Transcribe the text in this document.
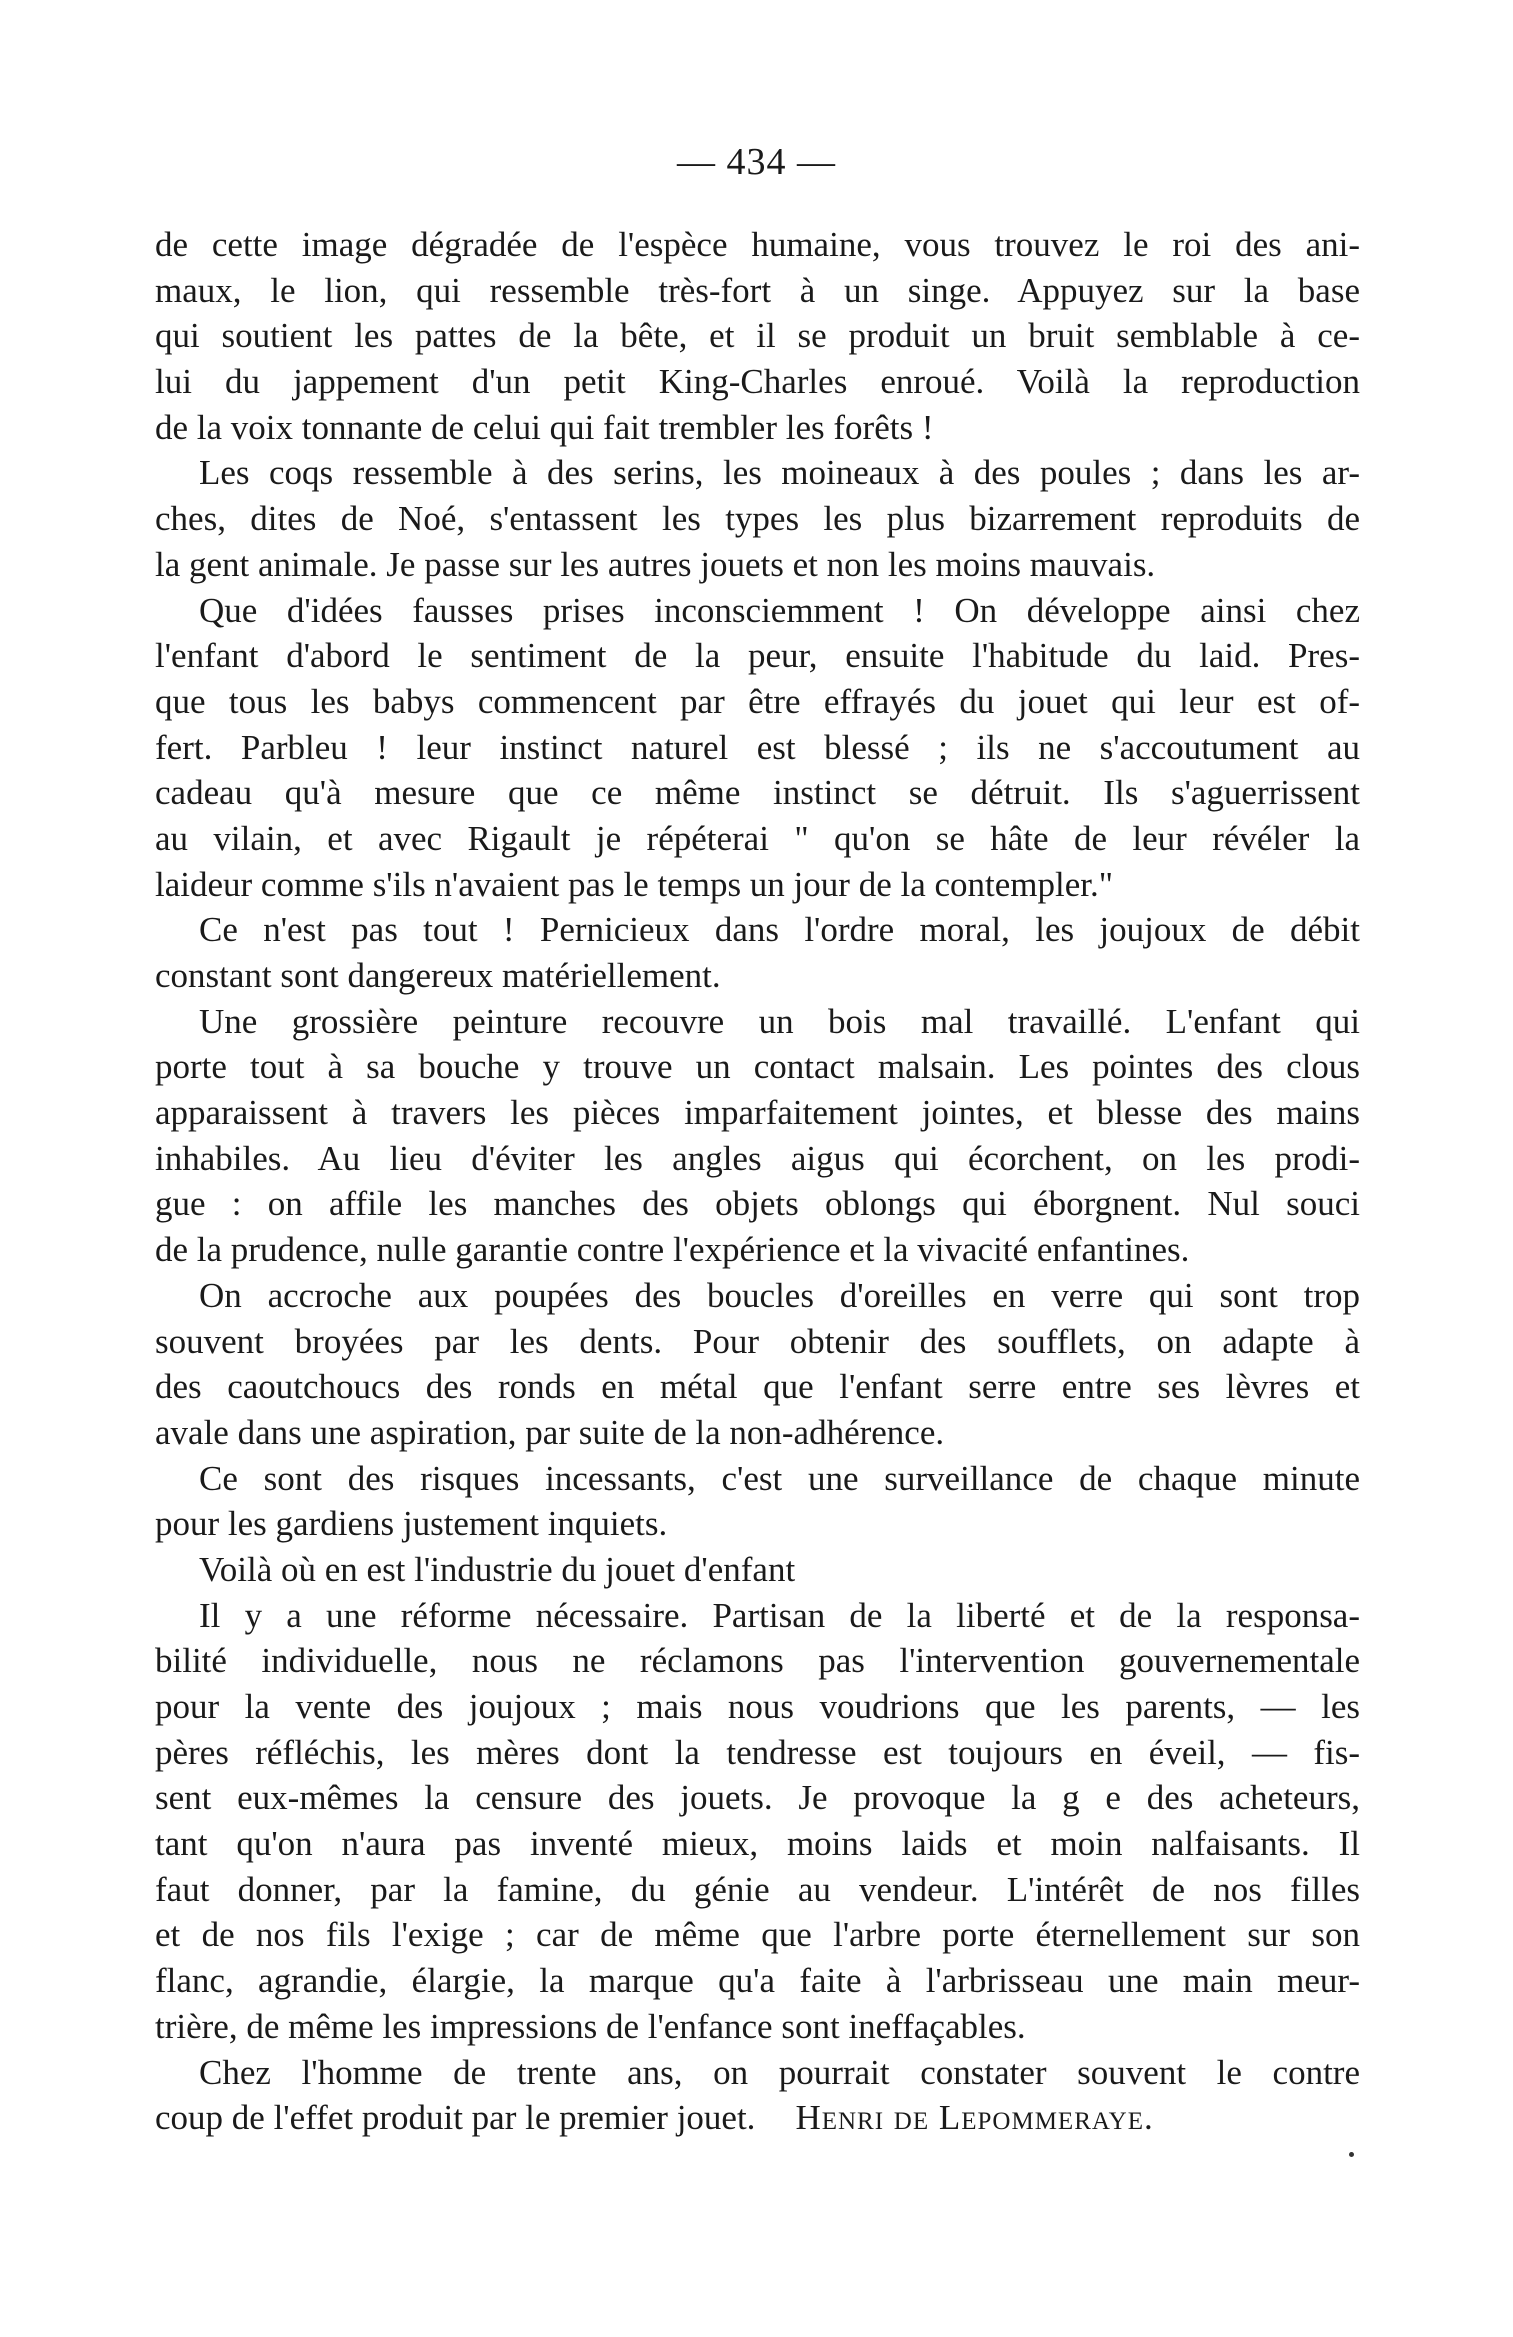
— 434 —
de cette image dégradée de l'espèce humaine, vous trouvez le roi des ani-
maux, le lion, qui ressemble très-fort à un singe. Appuyez sur la base
qui soutient les pattes de la bête, et il se produit un bruit semblable à ce-
lui du jappement d'un petit King-Charles enroué. Voilà la reproduction
de la voix tonnante de celui qui fait trembler les forêts !
Les coqs ressemble à des serins, les moineaux à des poules ; dans les ar-
ches, dites de Noé, s'entassent les types les plus bizarrement reproduits de
la gent animale. Je passe sur les autres jouets et non les moins mauvais.
Que d'idées fausses prises inconsciemment ! On développe ainsi chez
l'enfant d'abord le sentiment de la peur, ensuite l'habitude du laid. Pres-
que tous les babys commencent par être effrayés du jouet qui leur est of-
fert. Parbleu ! leur instinct naturel est blessé ; ils ne s'accoutument au
cadeau qu'à mesure que ce même instinct se détruit. Ils s'aguerrissent
au vilain, et avec Rigault je répéterai " qu'on se hâte de leur révéler la
laideur comme s'ils n'avaient pas le temps un jour de la contempler."
Ce n'est pas tout ! Pernicieux dans l'ordre moral, les joujoux de débit
constant sont dangereux matériellement.
Une grossière peinture recouvre un bois mal travaillé. L'enfant qui
porte tout à sa bouche y trouve un contact malsain. Les pointes des clous
apparaissent à travers les pièces imparfaitement jointes, et blesse des mains
inhabiles. Au lieu d'éviter les angles aigus qui écorchent, on les prodi-
gue : on affile les manches des objets oblongs qui éborgnent. Nul souci
de la prudence, nulle garantie contre l'expérience et la vivacité enfantines.
On accroche aux poupées des boucles d'oreilles en verre qui sont trop
souvent broyées par les dents. Pour obtenir des soufflets, on adapte à
des caoutchoucs des ronds en métal que l'enfant serre entre ses lèvres et
avale dans une aspiration, par suite de la non-adhérence.
Ce sont des risques incessants, c'est une surveillance de chaque minute
pour les gardiens justement inquiets.
Voilà où en est l'industrie du jouet d'enfant
Il y a une réforme nécessaire. Partisan de la liberté et de la responsa-
bilité individuelle, nous ne réclamons pas l'intervention gouvernementale
pour la vente des joujoux ; mais nous voudrions que les parents, — les
pères réfléchis, les mères dont la tendresse est toujours en éveil, — fis-
sent eux-mêmes la censure des jouets. Je provoque la g e des acheteurs,
tant qu'on n'aura pas inventé mieux, moins laids et moin nalfaisants. Il
faut donner, par la famine, du génie au vendeur. L'intérêt de nos filles
et de nos fils l'exige ; car de même que l'arbre porte éternellement sur son
flanc, agrandie, élargie, la marque qu'a faite à l'arbrisseau une main meur-
trière, de même les impressions de l'enfance sont ineffaçables.
Chez l'homme de trente ans, on pourrait constater souvent le contre
coup de l'effet produit par le premier jouet. Henri de Lepommeraye.
